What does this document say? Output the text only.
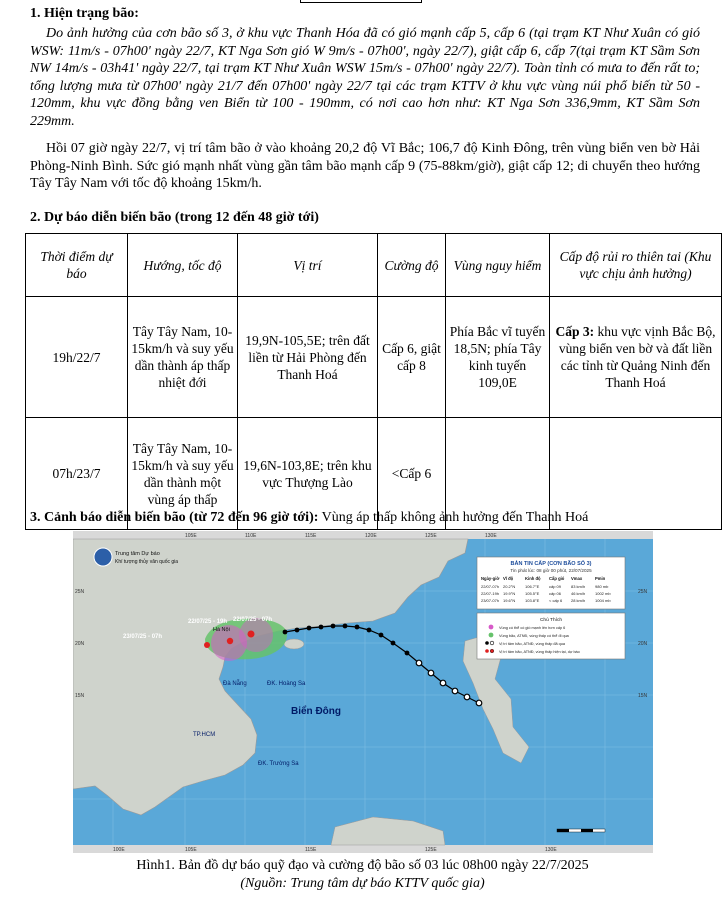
1. Hiện trạng bão:
Do ảnh hưởng của cơn bão số 3, ở khu vực Thanh Hóa đã có gió mạnh cấp 5, cấp 6 (tại trạm KT Như Xuân có gió WSW: 11m/s - 07h00' ngày 22/7, KT Nga Sơn gió W 9m/s - 07h00', ngày 22/7), giật cấp 6, cấp 7(tại trạm KT Sầm Sơn NW 14m/s - 03h41' ngày 22/7, tại trạm KT Như Xuân WSW 15m/s - 07h00' ngày 22/7). Toàn tỉnh có mưa to đến rất to; tổng lượng mưa từ 07h00' ngày 21/7 đến 07h00' ngày 22/7 tại các trạm KTTV ở khu vực vùng núi phổ biến từ 50 - 120mm, khu vực đồng bằng ven Biển từ 100 - 190mm, có nơi cao hơn như: KT Nga Sơn 336,9mm, KT Sầm Sơn 229mm.
Hồi 07 giờ ngày 22/7, vị trí tâm bão ở vào khoảng 20,2 độ Vĩ Bắc; 106,7 độ Kinh Đông, trên vùng biển ven bờ Hải Phòng-Ninh Bình. Sức gió mạnh nhất vùng gần tâm bão mạnh cấp 9 (75-88km/giờ), giật cấp 12; di chuyển theo hướng Tây Tây Nam với tốc độ khoảng 15km/h.
2. Dự báo diễn biến bão (trong 12 đến 48 giờ tới)
Thời điểm dự báo	Hướng, tốc độ	Vị trí	Cường độ	Vùng nguy hiểm	Cấp độ rủi ro thiên tai (Khu vực chịu ảnh hưởng)
19h/22/7	Tây Tây Nam, 10-15km/h và suy yếu dần thành áp thấp nhiệt đới	19,9N-105,5E; trên đất liền từ Hải Phòng đến Thanh Hoá	Cấp 6, giật cấp 8	Phía Bắc vĩ tuyến 18,5N; phía Tây kinh tuyến 109,0E	Cấp 3: khu vực vịnh Bắc Bộ, vùng biển ven bờ và đất liền các tỉnh từ Quảng Ninh đến Thanh Hoá
07h/23/7	Tây Tây Nam, 10-15km/h và suy yếu dần thành một vùng áp thấp	19,6N-103,8E; trên khu vực Thượng Lào	<Cấp 6		
3. Cảnh báo diễn biến bão (từ 72 đến 96 giờ tới): Vùng áp thấp không ảnh hưởng đến Thanh Hoá
22/07/25 - 19h 22/07/25 - 07h
23/07/25 - 07h
Hà Nội
Đà Nẵng	ĐK. Hoàng Sa
Biển Đông
TP.HCM
ĐK. Trường Sa
Trung tâm Dự báo
Khí tượng thủy văn quốc gia
105E	110E	115E	120E	125E	130E
100E	105E	115E	125E	130E
25N
20N
15N
25N
20N
15N
BẢN TIN CẤP (CƠN BÃO SỐ 3)
Tin phát lúc: 08 giờ 00 phút, 22/07/2025
Ngày-giờ Vĩ độ	Kinh độ Cấp gió Vmax	Pmin
22/07-07h 20.2°N 106.7°E cấp 09 83 km/h 980 mb
22/07-19h 19.9°N 105.5°E cấp 06 46 km/h 1002 mb
23/07-07h 19.6°N 103.8°E < cấp 6 28 km/h 1004 mb
Chú Thích
Vùng có thể có gió mạnh lên hơn cấp 6
Vùng bão, ATNĐ, vùng thấp có thể đi qua
Vị trí tâm bão, ATNĐ, vùng thấp đã qua
Vị trí tâm bão, ATNĐ, vùng thấp hiện tại, dự báo
Hình1. Bản đồ dự báo quỹ đạo và cường độ bão số 03 lúc 08h00 ngày 22/7/2025
(Nguồn: Trung tâm dự báo KTTV quốc gia)
